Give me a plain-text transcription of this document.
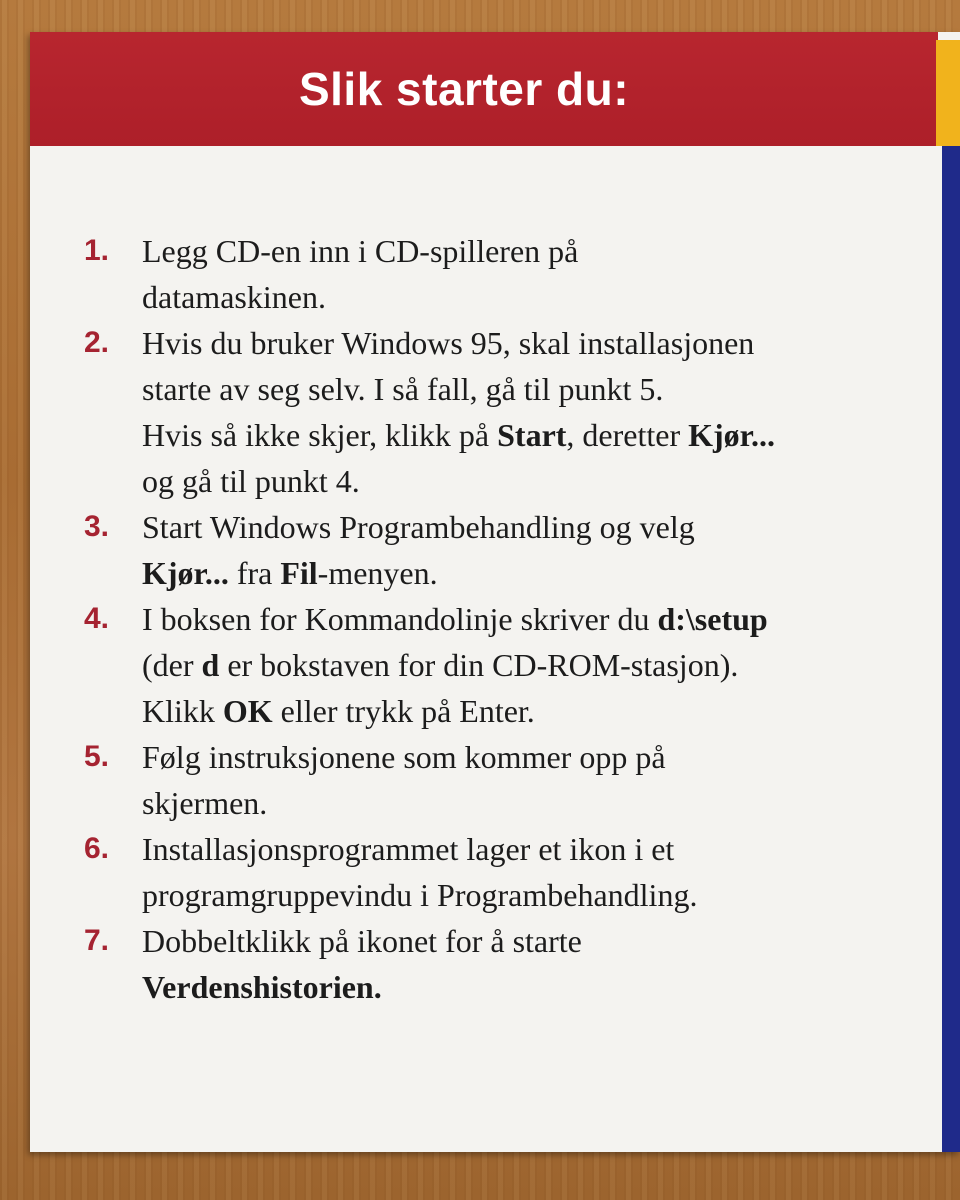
Slik starter du:
1.	Legg CD-en inn i CD-spilleren på
datamaskinen.
2.	Hvis du bruker Windows 95, skal installasjonen
starte av seg selv. I så fall, gå til punkt 5.
Hvis så ikke skjer, klikk på Start, deretter Kjør...
og gå til punkt 4.
3.	Start Windows Programbehandling og velg
Kjør... fra Fil-menyen.
4.	I boksen for Kommandolinje skriver du d:\setup
(der d er bokstaven for din CD-ROM-stasjon).
Klikk OK eller trykk på Enter.
5.	Følg instruksjonene som kommer opp på
skjermen.
6.	Installasjonsprogrammet lager et ikon i et
programgruppevindu i Programbehandling.
7.	Dobbeltklikk på ikonet for å starte
Verdenshistorien.
